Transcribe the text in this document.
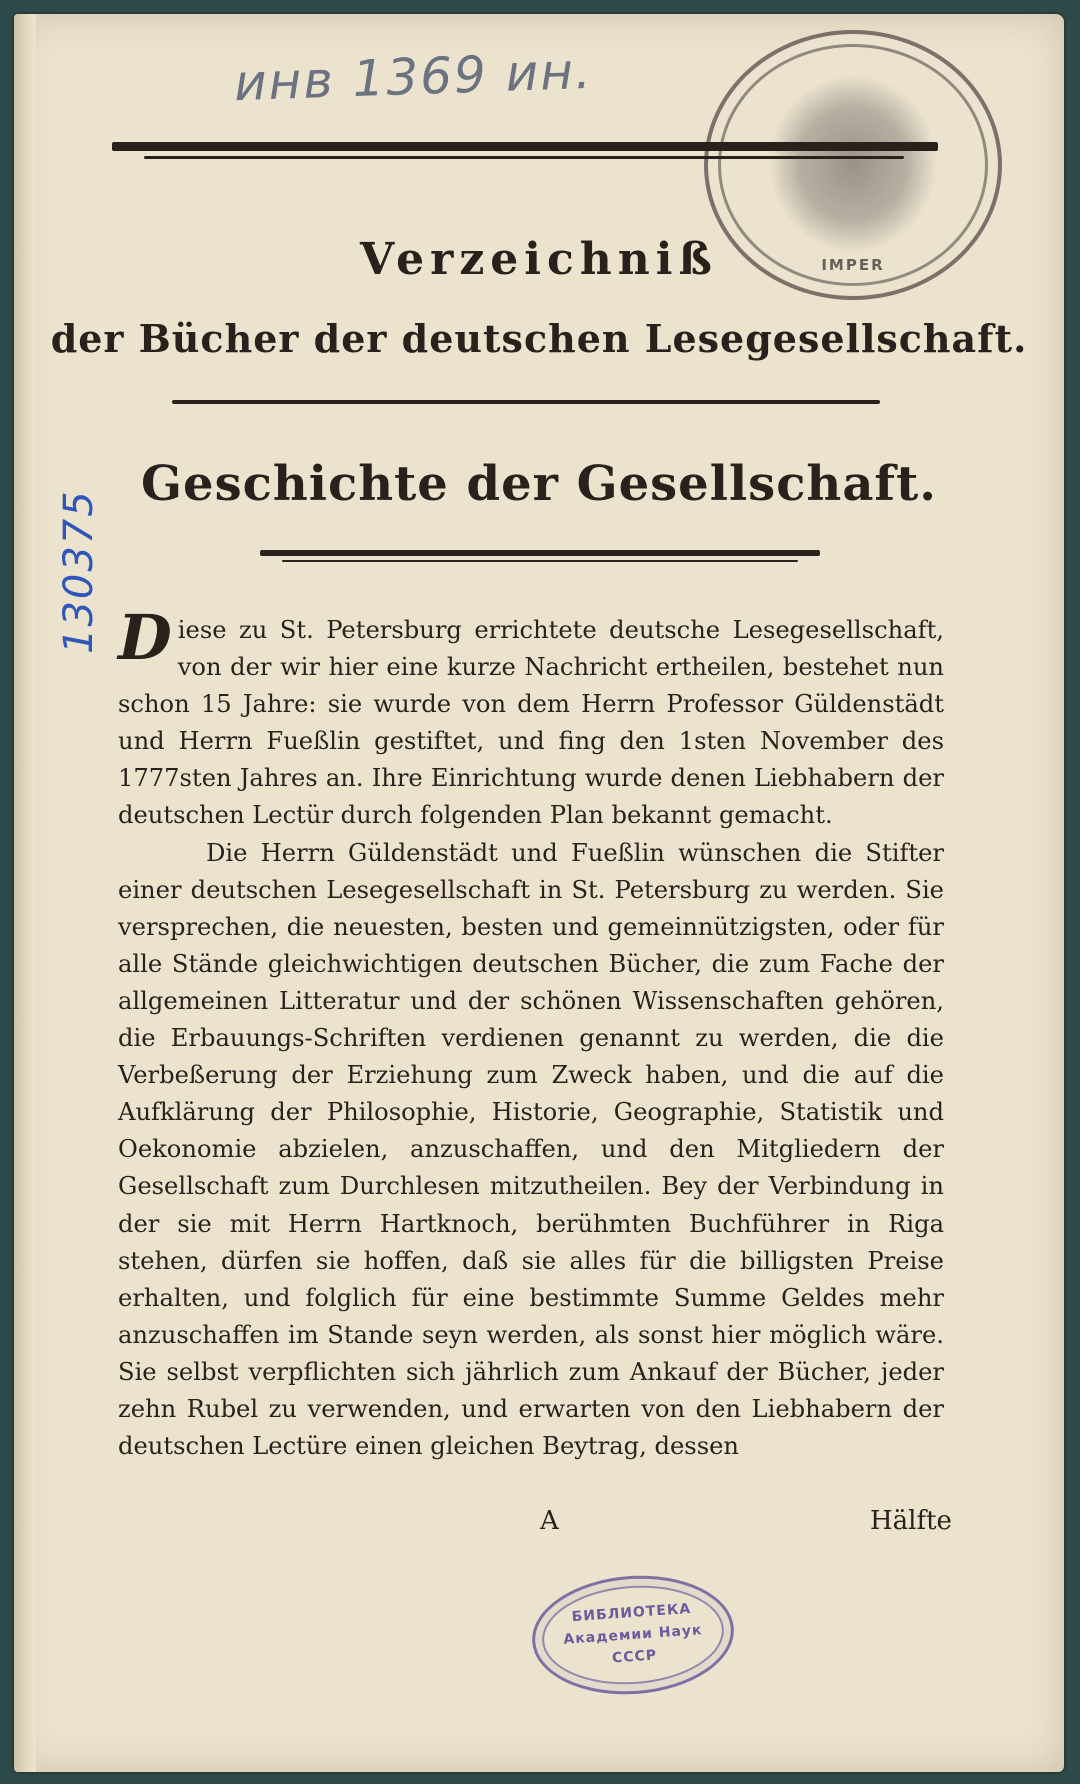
инв 1369 ин.
130375
IMPER
Verzeichniß
der Bücher der deutschen Lesegesellschaft.
Geschichte der Gesellschaft.

Diese zu St. Petersburg errichtete deutsche Lesegesellschaft, von der wir hier eine kurze Nachricht ertheilen, bestehet nun schon 15 Jahre: sie wurde von dem Herrn Professor Güldenstädt und Herrn Fueßlin gestiftet, und fing den 1sten November des 1777sten Jahres an. Ihre Einrichtung wurde denen Liebhabern der deutschen Lectür durch folgenden Plan bekannt gemacht.

Die Herrn Güldenstädt und Fueßlin wünschen die Stifter einer deutschen Lesegesellschaft in St. Petersburg zu werden. Sie versprechen, die neuesten, besten und gemeinnützigsten, oder für alle Stände gleichwichtigen deutschen Bücher, die zum Fache der allgemeinen Litteratur und der schönen Wissenschaften gehören, die Erbauungs-Schriften verdienen genannt zu werden, die die Verbeßerung der Erziehung zum Zweck haben, und die auf die Aufklärung der Philosophie, Historie, Geographie, Statistik und Oekonomie abzielen, anzuschaffen, und den Mitgliedern der Gesellschaft zum Durchlesen mitzutheilen. Bey der Verbindung in der sie mit Herrn Hartknoch, berühmten Buchführer in Riga stehen, dürfen sie hoffen, daß sie alles für die billigsten Preise erhalten, und folglich für eine bestimmte Summe Geldes mehr anzuschaffen im Stande seyn werden, als sonst hier möglich wäre. Sie selbst verpflichten sich jährlich zum Ankauf der Bücher, jeder zehn Rubel zu verwenden, und erwarten von den Liebhabern der deutschen Lectüre einen gleichen Beytrag, dessen

A	Hälfte
БИБЛИОТЕКА
Академии Наук
СССР
